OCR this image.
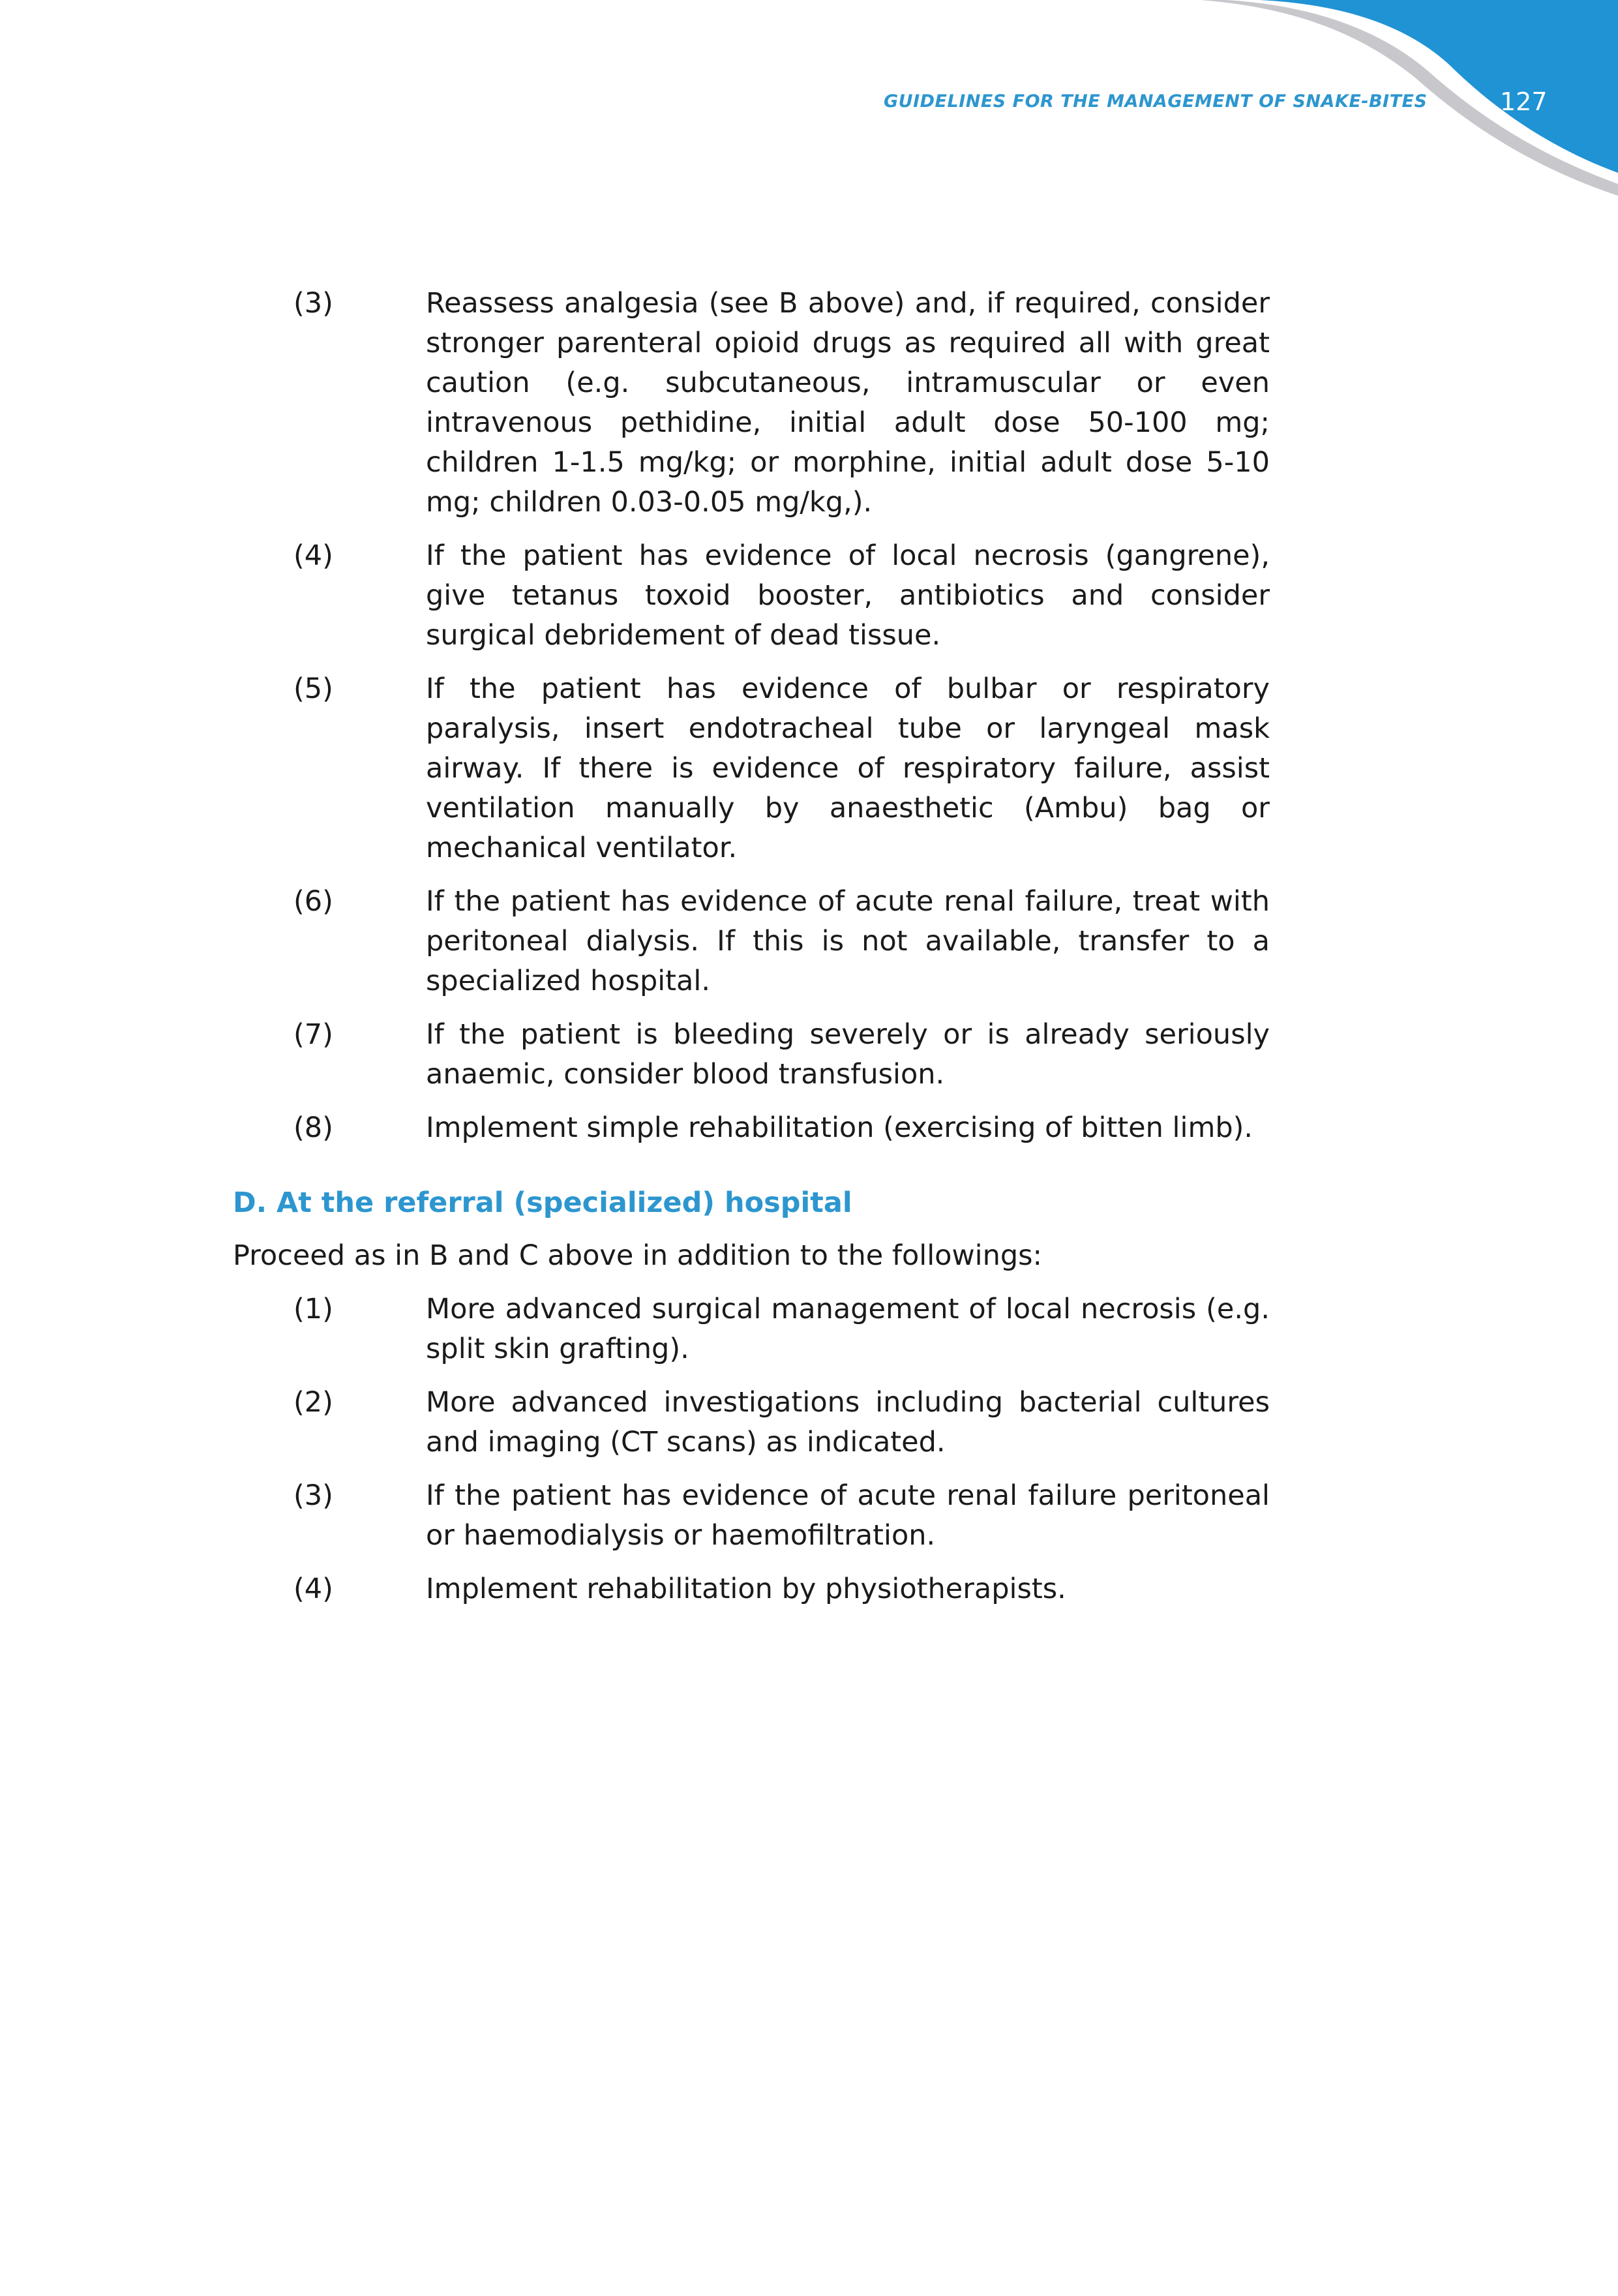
GUIDELINES FOR THE MANAGEMENT OF SNAKE-BITES	127
(3)	Reassess analgesia (see B above) and, if required, consider stronger parenteral opioid drugs as required all with great caution (e.g. subcutaneous, intramuscular or even intravenous pethidine, initial adult dose 50-100 mg; children 1-1.5 mg/kg; or morphine, initial adult dose 5-10 mg; children 0.03-0.05 mg/kg,).
(4)	If the patient has evidence of local necrosis (gangrene), give tetanus toxoid booster, antibiotics and consider surgical debridement of dead tissue.
(5)	If the patient has evidence of bulbar or respiratory paralysis, insert endotracheal tube or laryngeal mask airway. If there is evidence of respiratory failure, assist ventilation manually by anaesthetic (Ambu) bag or mechanical ventilator.
(6)	If the patient has evidence of acute renal failure, treat with peritoneal dialysis. If this is not available, transfer to a specialized hospital.
(7)	If the patient is bleeding severely or is already seriously anaemic, consider blood transfusion.
(8)	Implement simple rehabilitation (exercising of bitten limb).
D. At the referral (specialized) hospital

Proceed as in B and C above in addition to the followings:

(1)	More advanced surgical management of local necrosis (e.g. split skin grafting).
(2)	More advanced investigations including bacterial cultures and imaging (CT scans) as indicated.
(3)	If the patient has evidence of acute renal failure peritoneal or haemodialysis or haemofiltration.
(4)	Implement rehabilitation by physiotherapists.
